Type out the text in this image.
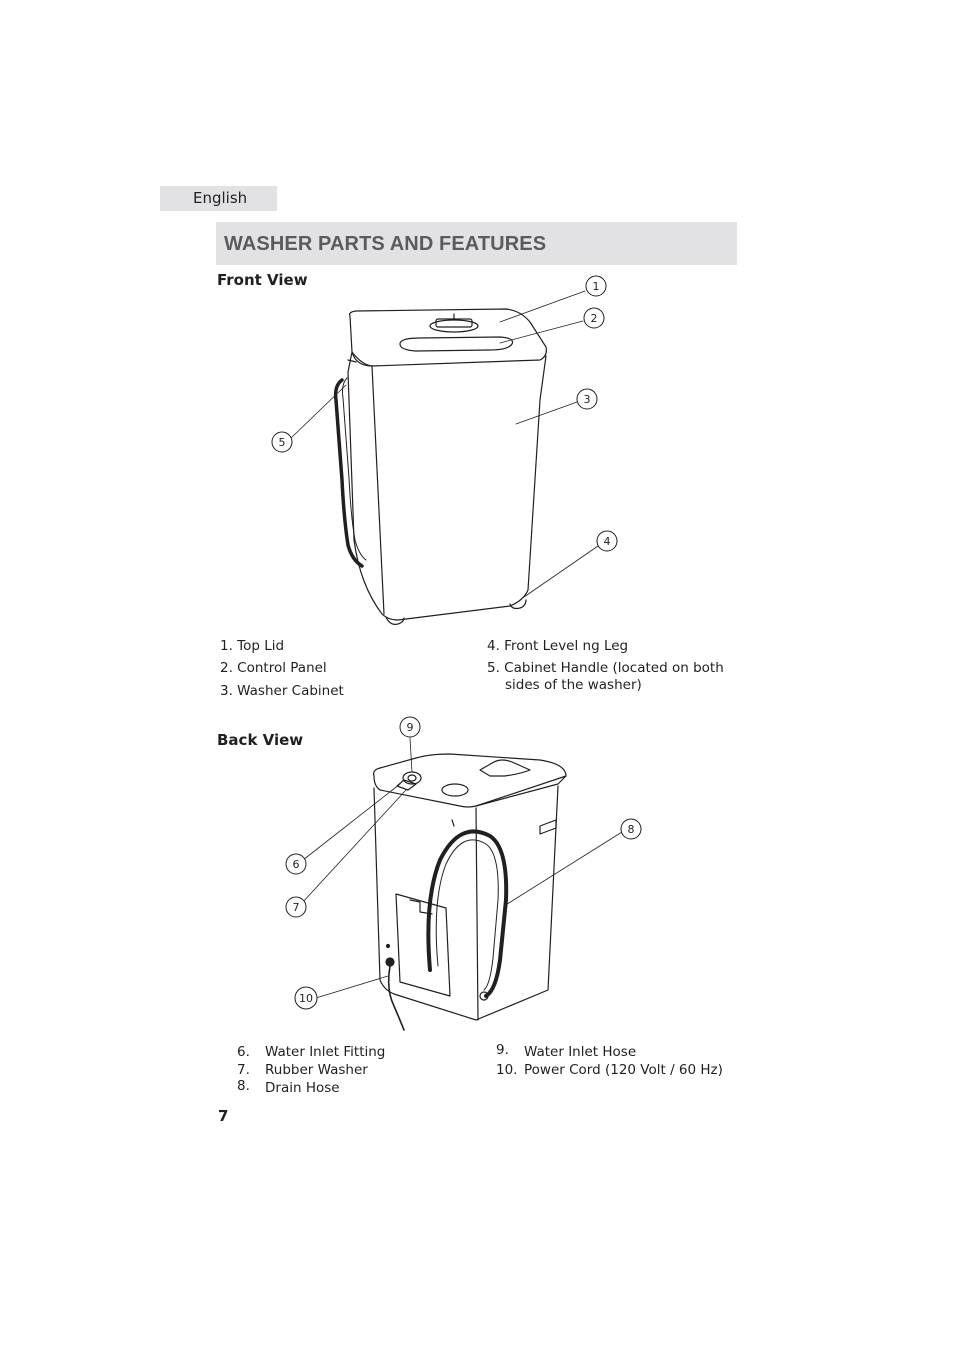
English
WASHER PARTS AND FEATURES
Front View	1
2
3
4
5
1. Top Lid
2. Control Panel
3. Washer Cabinet
4. Front Level ng Leg
5. Cabinet Handle (located on both
sides of the washer)
Back View
9
6
7
8
10
6. Water Inlet Fitting
7. Rubber Washer
8. Drain Hose
9. Water Inlet Hose
10. Power Cord (120 Volt / 60 Hz)
7
